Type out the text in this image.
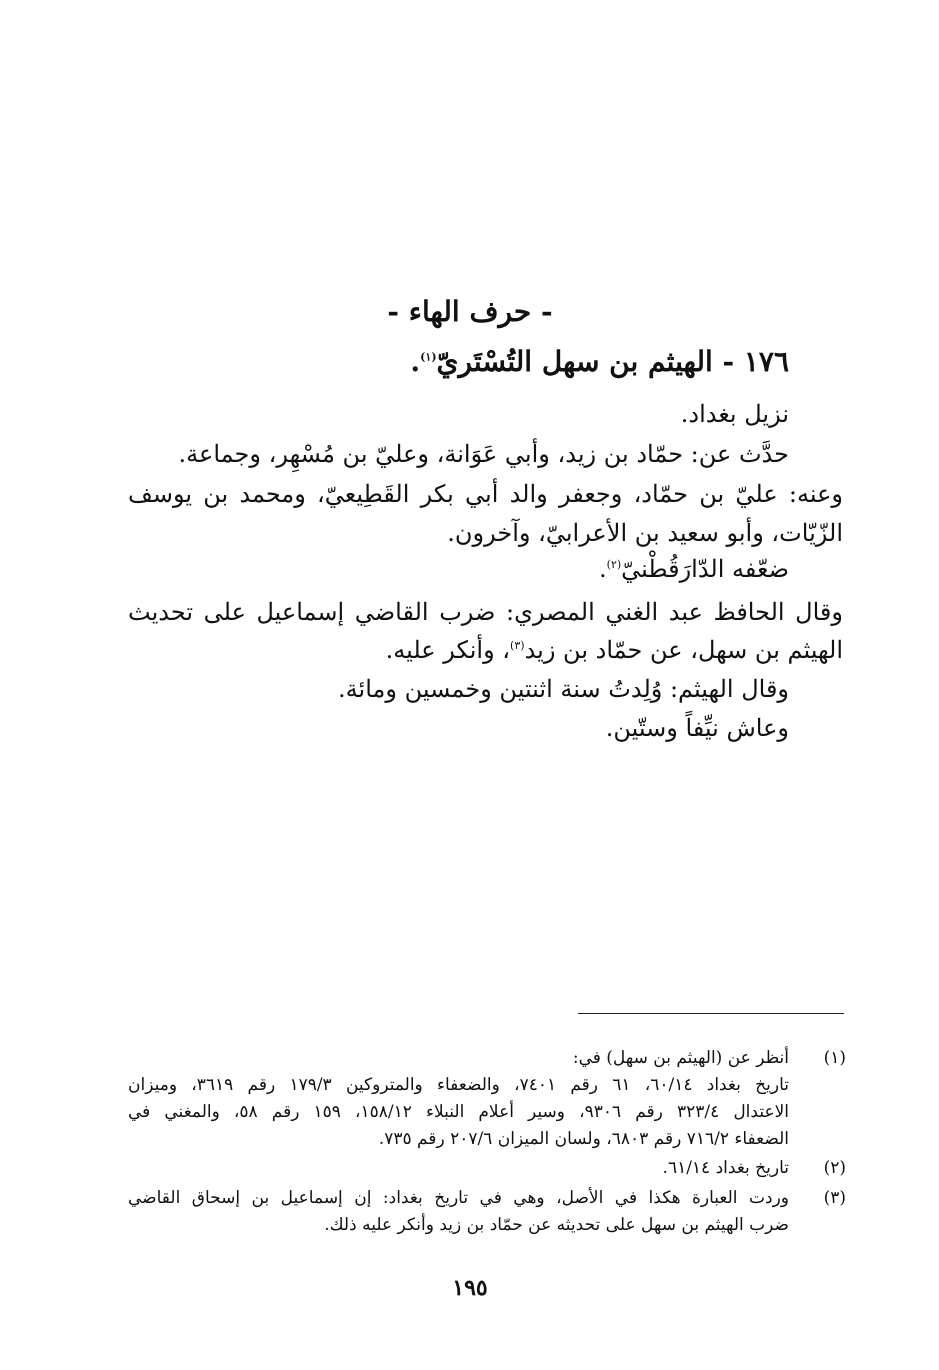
- حرف الهاء -
١٧٦ - الهيثم بن سهل التُسْتَريّ$^{(١)}$.
نزيل بغداد.
حدَّث عن: حمّاد بن زيد، وأبي عَوَانة، وعليّ بن مُسْهِر، وجماعة.
وعنه: عليّ بن حمّاد، وجعفر والد أبي بكر القَطِيعيّ، ومحمد بن يوسف
الزّيّات، وأبو سعيد بن الأعرابيّ، وآخرون.
ضعّفه الدّارَقُطْنيّ$^{(٢)}$.
وقال الحافظ عبد الغني المصري: ضرب القاضي إسماعيل على تحديث
الهيثم بن سهل، عن حمّاد بن زيد$^{(٣)}$، وأنكر عليه.
وقال الهيثم: وُلِدتُ سنة اثنتين وخمسين ومائة.
وعاش نيِّفاً وستّين.
(١)
أنظر عن (الهيثم بن سهل) في:
تاريخ بغداد ٦٠/١٤، ٦١ رقم ٧٤٠١، والضعفاء والمتروكين ١٧٩/٣ رقم ٣٦١٩، وميزان
الاعتدال ٣٢٣/٤ رقم ٩٣٠٦، وسير أعلام النبلاء ١٥٨/١٢، ١٥٩ رقم ٥٨، والمغني في
الضعفاء ٧١٦/٢ رقم ٦٨٠٣، ولسان الميزان ٢٠٧/٦ رقم ٧٣٥.
(٢)
تاريخ بغداد ٦١/١٤.
(٣)
وردت العبارة هكذا في الأصل، وهي في تاريخ بغداد: إن إسماعيل بن إسحاق القاضي
ضرب الهيثم بن سهل على تحديثه عن حمّاد بن زيد وأنكر عليه ذلك.
١٩٥
